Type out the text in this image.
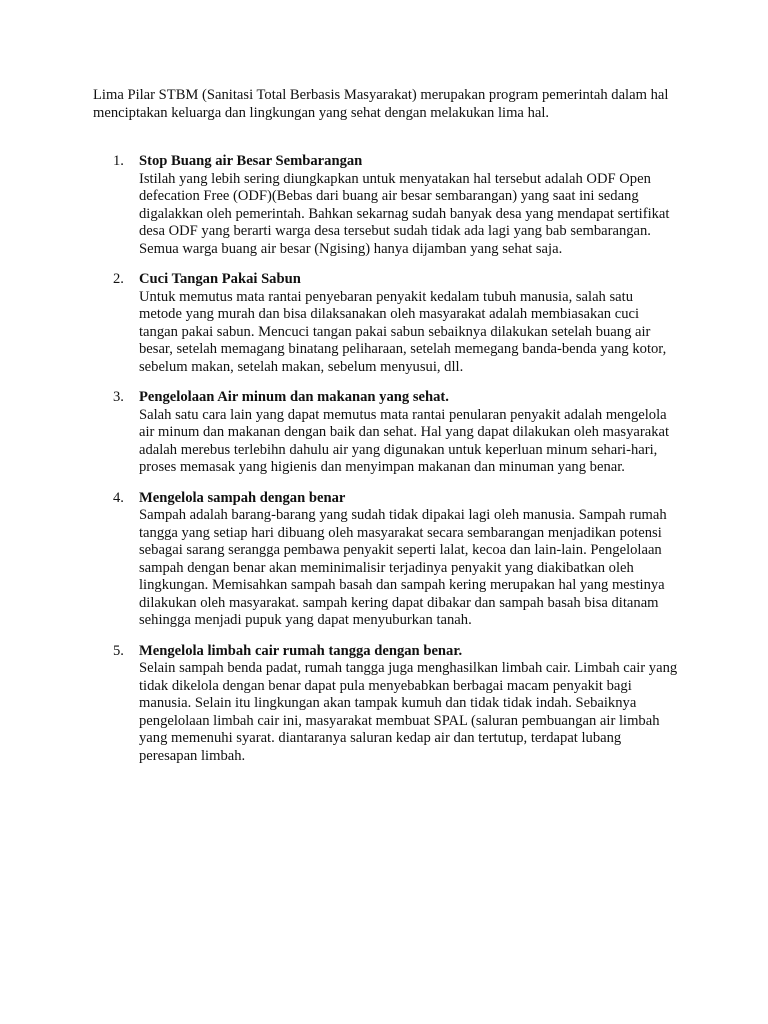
Lima Pilar STBM (Sanitasi Total Berbasis Masyarakat) merupakan program pemerintah dalam hal menciptakan keluarga dan lingkungan yang sehat dengan melakukan lima hal.

1.	Stop Buang air Besar Sembarangan
Istilah yang lebih sering diungkapkan untuk menyatakan hal tersebut adalah ODF Open defecation Free (ODF)(Bebas dari buang air besar sembarangan) yang saat ini sedang digalakkan oleh pemerintah. Bahkan sekarnag sudah banyak desa yang mendapat sertifikat desa ODF yang berarti warga desa tersebut sudah tidak ada lagi yang bab sembarangan. Semua warga buang air besar (Ngising) hanya dijamban yang sehat saja.
2.	Cuci Tangan Pakai Sabun
Untuk memutus mata rantai penyebaran penyakit kedalam tubuh manusia, salah satu metode yang murah dan bisa dilaksanakan oleh masyarakat adalah membiasakan cuci tangan pakai sabun. Mencuci tangan pakai sabun sebaiknya dilakukan setelah buang air besar, setelah memagang binatang peliharaan, setelah memegang banda-benda yang kotor, sebelum makan, setelah makan, sebelum menyusui, dll.
3.	Pengelolaan Air minum dan makanan yang sehat.
Salah satu cara lain yang dapat memutus mata rantai penularan penyakit adalah mengelola air minum dan makanan dengan baik dan sehat. Hal yang dapat dilakukan oleh masyarakat adalah merebus terlebihn dahulu air yang digunakan untuk keperluan minum sehari-hari, proses memasak yang higienis dan menyimpan makanan dan minuman yang benar.
4.	Mengelola sampah dengan benar
Sampah adalah barang-barang yang sudah tidak dipakai lagi oleh manusia. Sampah rumah tangga yang setiap hari dibuang oleh masyarakat secara sembarangan menjadikan potensi sebagai sarang serangga pembawa penyakit seperti lalat, kecoa dan lain-lain. Pengelolaan sampah dengan benar akan meminimalisir terjadinya penyakit yang diakibatkan oleh lingkungan. Memisahkan sampah basah dan sampah kering merupakan hal yang mestinya dilakukan oleh masyarakat. sampah kering dapat dibakar dan sampah basah bisa ditanam sehingga menjadi pupuk yang dapat menyuburkan tanah.
5.	Mengelola limbah cair rumah tangga dengan benar.
Selain sampah benda padat, rumah tangga juga menghasilkan limbah cair. Limbah cair yang tidak dikelola dengan benar dapat pula menyebabkan berbagai macam penyakit bagi manusia. Selain itu lingkungan akan tampak kumuh dan tidak tidak indah. Sebaiknya pengelolaan limbah cair ini, masyarakat membuat SPAL (saluran pembuangan air limbah yang memenuhi syarat. diantaranya saluran kedap air dan tertutup, terdapat lubang peresapan limbah.
